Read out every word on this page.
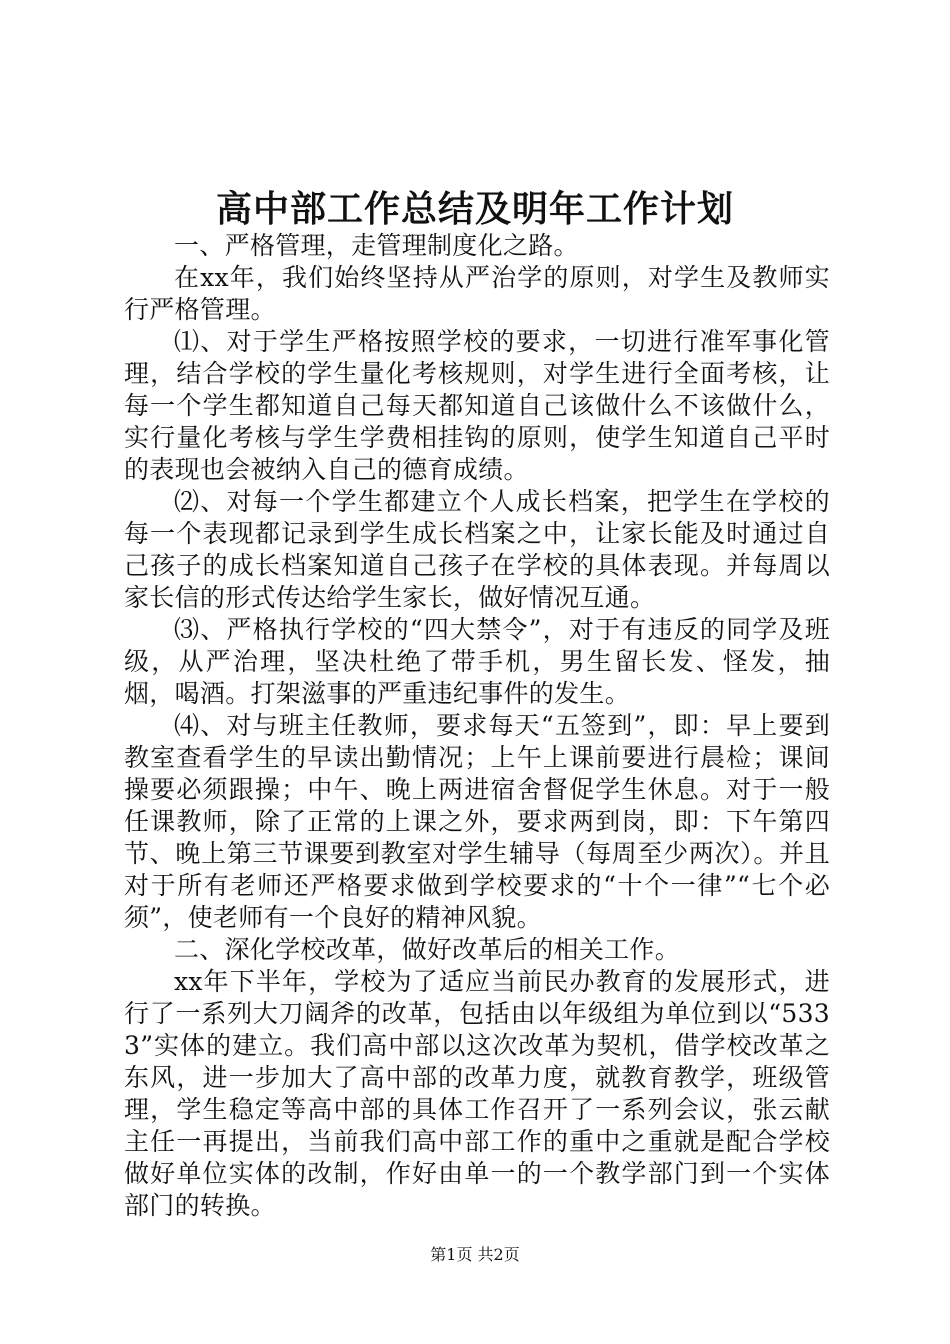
高中部工作总结及明年工作计划

一、严格管理，走管理制度化之路。

在xx年，我们始终坚持从严治学的原则，对学生及教师实行严格管理。

⑴、对于学生严格按照学校的要求，一切进行准军事化管理，结合学校的学生量化考核规则，对学生进行全面考核，让每一个学生都知道自己每天都知道自己该做什么不该做什么，实行量化考核与学生学费相挂钩的原则，使学生知道自己平时的表现也会被纳入自己的德育成绩。

⑵、对每一个学生都建立个人成长档案，把学生在学校的每一个表现都记录到学生成长档案之中，让家长能及时通过自己孩子的成长档案知道自己孩子在学校的具体表现。并每周以家长信的形式传达给学生家长，做好情况互通。

⑶、严格执行学校的“四大禁令”，对于有违反的同学及班级，从严治理，坚决杜绝了带手机，男生留长发、怪发，抽烟，喝酒。打架滋事的严重违纪事件的发生。

⑷、对与班主任教师，要求每天“五签到”，即：早上要到教室查看学生的早读出勤情况；上午上课前要进行晨检；课间操要必须跟操；中午、晚上两进宿舍督促学生休息。对于一般任课教师，除了正常的上课之外，要求两到岗，即：下午第四节、晚上第三节课要到教室对学生辅导（每周至少两次）。并且对于所有老师还严格要求做到学校要求的“十个一律”“七个必须”，使老师有一个良好的精神风貌。

二、深化学校改革，做好改革后的相关工作。

xx年下半年，学校为了适应当前民办教育的发展形式，进行了一系列大刀阔斧的改革，包括由以年级组为单位到以“5333”实体的建立。我们高中部以这次改革为契机，借学校改革之东风，进一步加大了高中部的改革力度，就教育教学，班级管理，学生稳定等高中部的具体工作召开了一系列会议，张云献主任一再提出，当前我们高中部工作的重中之重就是配合学校做好单位实体的改制，作好由单一的一个教学部门到一个实体部门的转换。

第1页 共2页
